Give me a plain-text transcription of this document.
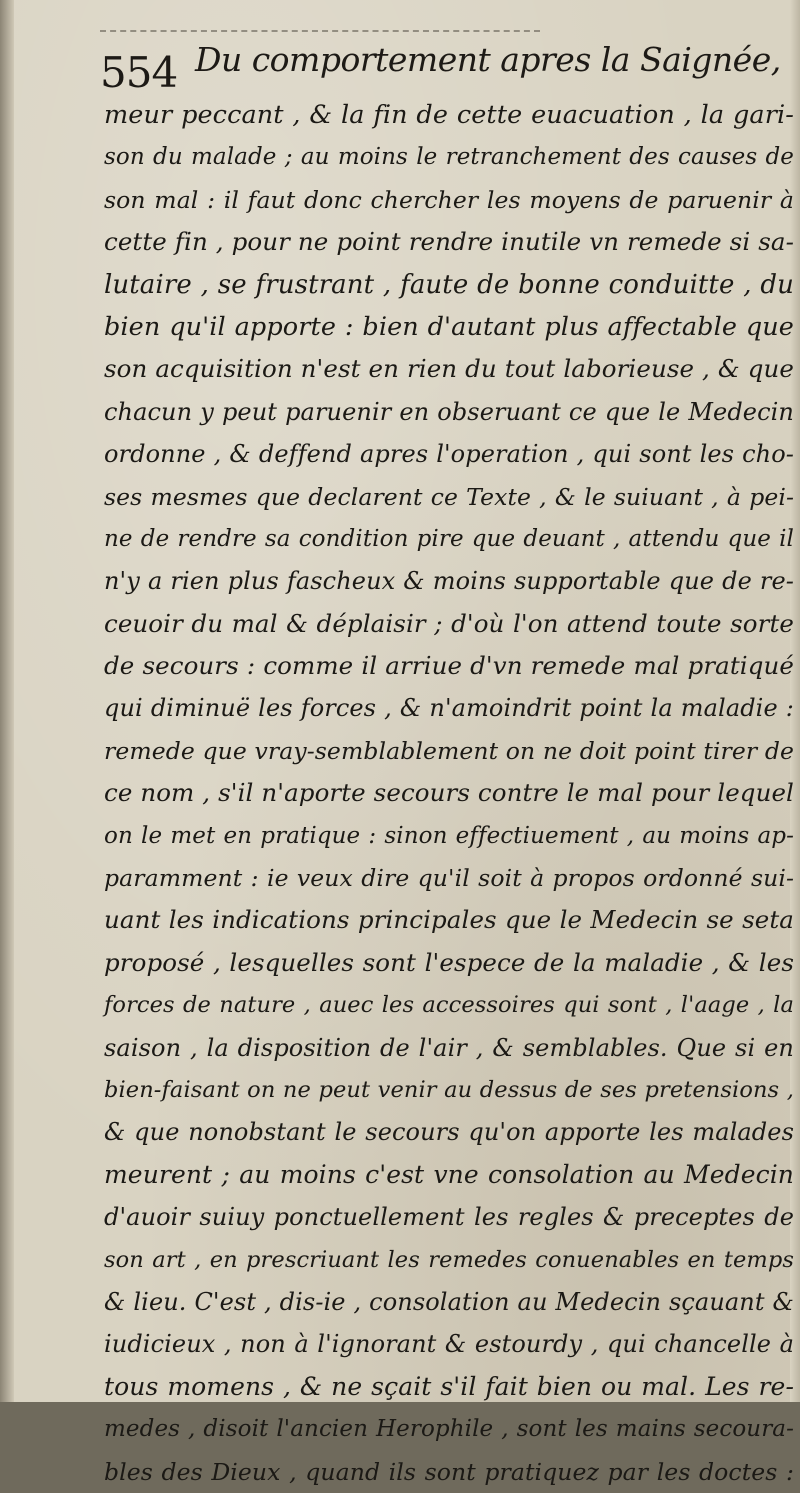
554 Du comportement apres la Saignée,
meur peccant , & la fin de cette euacuation , la gari-
son du malade ; au moins le retranchement des causes de
son mal : il faut donc chercher les moyens de paruenir à
cette fin , pour ne point rendre inutile vn remede si sa-
lutaire , se frustrant , faute de bonne conduitte , du
bien qu'il apporte : bien d'autant plus affectable que
son acquisition n'est en rien du tout laborieuse , & que
chacun y peut paruenir en obseruant ce que le Medecin
ordonne , & deffend apres l'operation , qui sont les cho-
ses mesmes que declarent ce Texte , & le suiuant , à pei-
ne de rendre sa condition pire que deuant , attendu que il
n'y a rien plus fascheux & moins supportable que de re-
ceuoir du mal & déplaisir ; d'où l'on attend toute sorte
de secours : comme il arriue d'vn remede mal pratiqué
qui diminuë les forces , & n'amoindrit point la maladie :
remede que vray-semblablement on ne doit point tirer de
ce nom , s'il n'aporte secours contre le mal pour lequel
on le met en pratique : sinon effectiuement , au moins ap-
paramment : ie veux dire qu'il soit à propos ordonné sui-
uant les indications principales que le Medecin se seta
proposé , lesquelles sont l'espece de la maladie , & les
forces de nature , auec les accessoires qui sont , l'aage , la
saison , la disposition de l'air , & semblables. Que si en
bien-faisant on ne peut venir au dessus de ses pretensions ,
& que nonobstant le secours qu'on apporte les malades
meurent ; au moins c'est vne consolation au Medecin
d'auoir suiuy ponctuellement les regles & preceptes de
son art , en prescriuant les remedes conuenables en temps
& lieu. C'est , dis-ie , consolation au Medecin sçauant &
iudicieux , non à l'ignorant & estourdy , qui chancelle à
tous momens , & ne sçait s'il fait bien ou mal. Les re-
medes , disoit l'ancien Herophile , sont les mains secoura-
bles des Dieux , quand ils sont pratiquez par les doctes :
